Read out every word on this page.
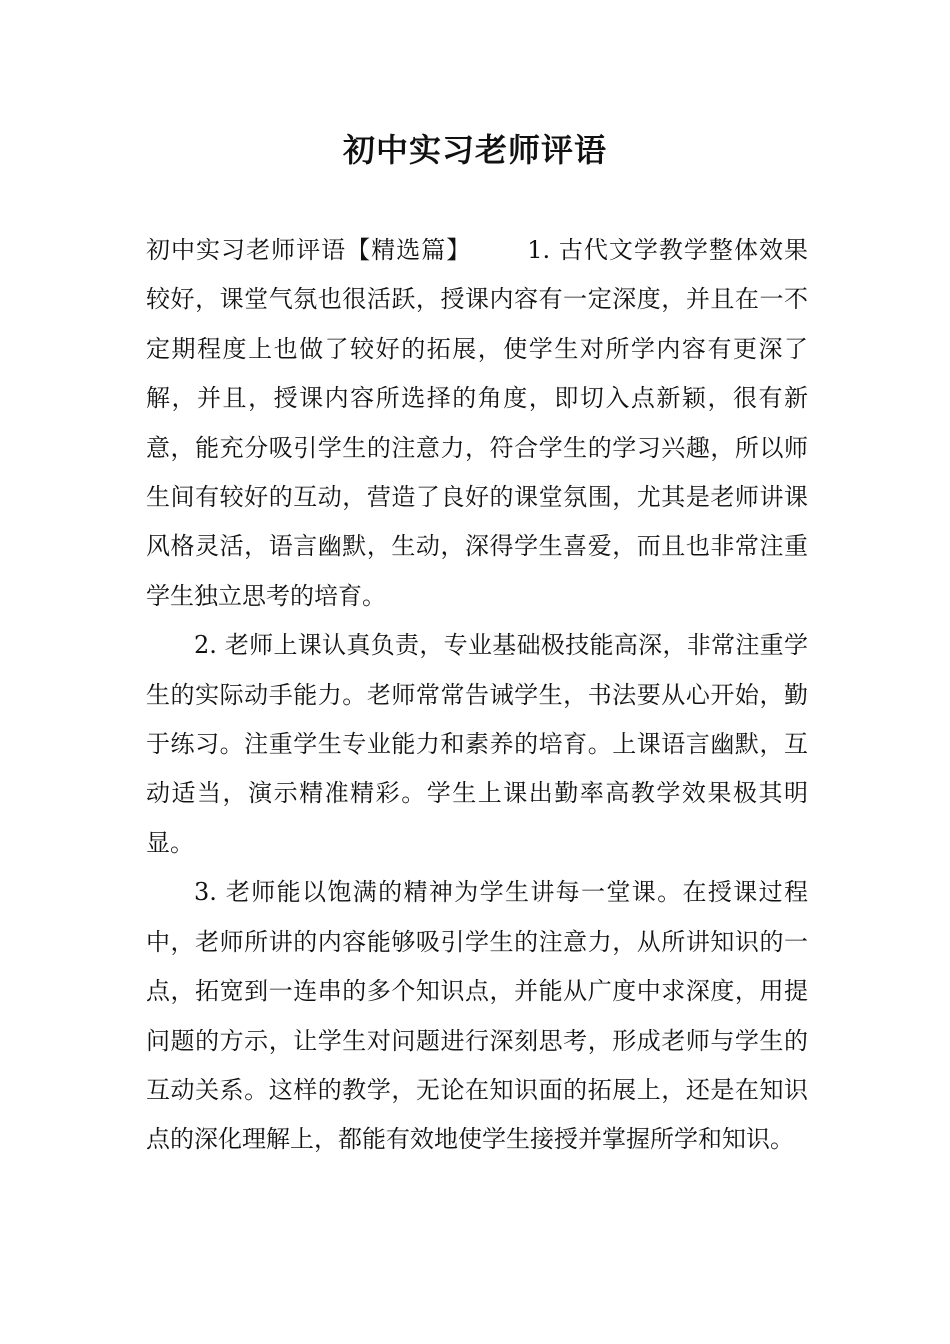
初中实习老师评语

初中实习老师评语【精选篇】 1. 古代文学教学整体效果较好，课堂气氛也很活跃，授课内容有一定深度，并且在一不定期程度上也做了较好的拓展，使学生对所学内容有更深了解，并且，授课内容所选择的角度，即切入点新颖，很有新意，能充分吸引学生的注意力，符合学生的学习兴趣，所以师生间有较好的互动，营造了良好的课堂氛围，尤其是老师讲课风格灵活，语言幽默，生动，深得学生喜爱，而且也非常注重学生独立思考的培育。

2. 老师上课认真负责，专业基础极技能高深，非常注重学生的实际动手能力。老师常常告诫学生，书法要从心开始，勤于练习。注重学生专业能力和素养的培育。上课语言幽默，互动适当，演示精准精彩。学生上课出勤率高教学效果极其明显。

3. 老师能以饱满的精神为学生讲每一堂课。在授课过程中，老师所讲的内容能够吸引学生的注意力，从所讲知识的一点，拓宽到一连串的多个知识点，并能从广度中求深度，用提问题的方示，让学生对问题进行深刻思考，形成老师与学生的互动关系。这样的教学，无论在知识面的拓展上，还是在知识点的深化理解上，都能有效地使学生接授并掌握所学和知识。
